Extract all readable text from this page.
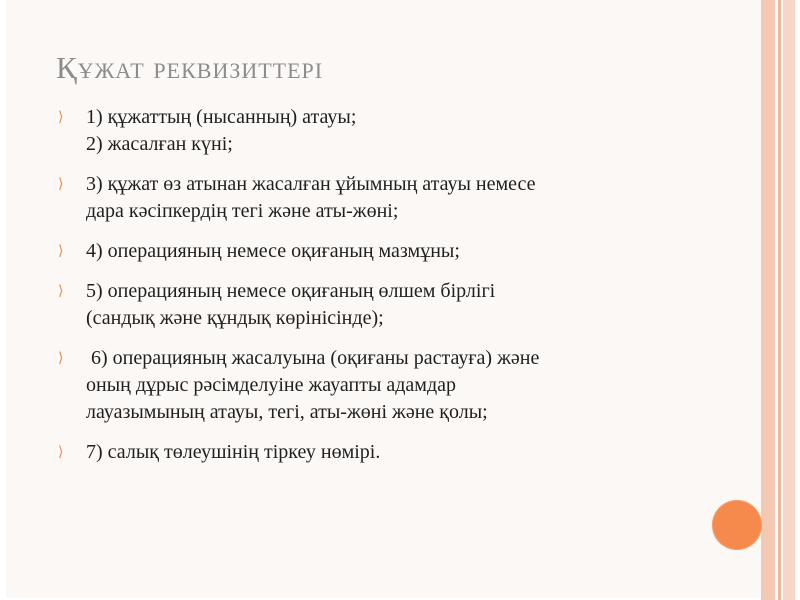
Құжат реквизиттері
⟩ 1) құжаттың (нысанның) атауы;
2) жасалған күні;
⟩ 3) құжат өз атынан жасалған ұйымның атауы немесе
дара кәсіпкердің тегі және аты-жөні;
⟩ 4) операцияның немесе оқиғаның мазмұны;
⟩ 5) операцияның немесе оқиғаның өлшем бірлігі
(сандық және құндық көрінісінде);
⟩ 6) операцияның жасалуына (оқиғаны растауға) және
оның дұрыс рәсімделуіне жауапты адамдар
лауазымының атауы, тегі, аты-жөні және қолы;
⟩ 7) салық төлеушінің тіркеу нөмірі.
